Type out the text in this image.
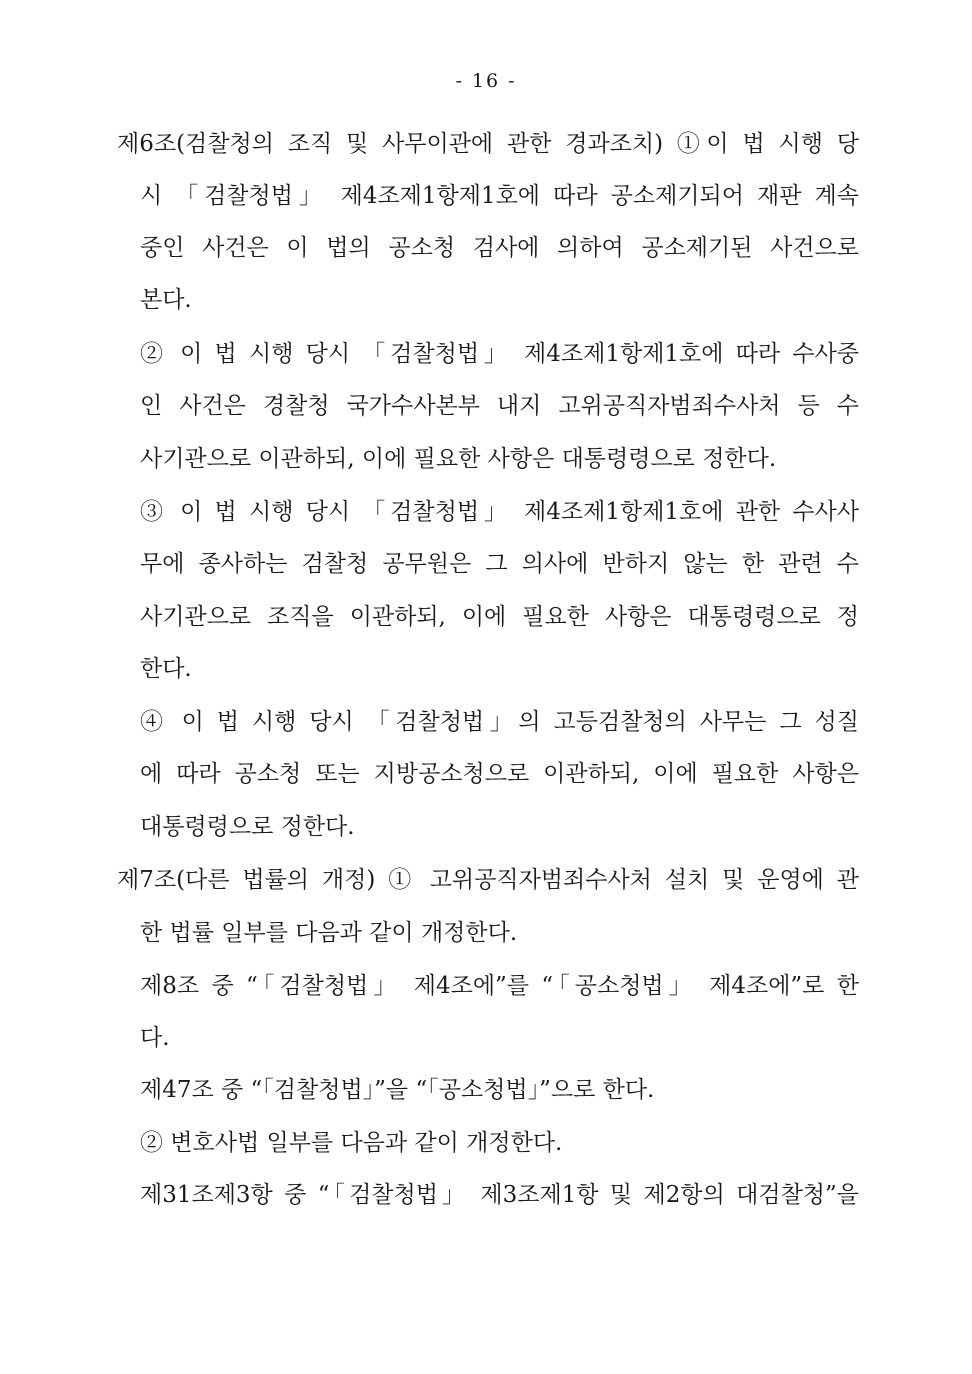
- 16 -
제6조(검찰청의 조직 및 사무이관에 관한 경과조치) ①이 법 시행 당
시 「검찰청법」 제4조제1항제1호에 따라 공소제기되어 재판 계속
중인 사건은 이 법의 공소청 검사에 의하여 공소제기된 사건으로
본다.
② 이 법 시행 당시 「검찰청법」 제4조제1항제1호에 따라 수사중
인 사건은 경찰청 국가수사본부 내지 고위공직자범죄수사처 등 수
사기관으로 이관하되, 이에 필요한 사항은 대통령령으로 정한다.
③ 이 법 시행 당시 「검찰청법」 제4조제1항제1호에 관한 수사사
무에 종사하는 검찰청 공무원은 그 의사에 반하지 않는 한 관련 수
사기관으로 조직을 이관하되, 이에 필요한 사항은 대통령령으로 정
한다.
④ 이 법 시행 당시 「검찰청법」의 고등검찰청의 사무는 그 성질
에 따라 공소청 또는 지방공소청으로 이관하되, 이에 필요한 사항은
대통령령으로 정한다.
제7조(다른 법률의 개정) ① 고위공직자범죄수사처 설치 및 운영에 관
한 법률 일부를 다음과 같이 개정한다.
제8조 중 “「검찰청법」 제4조에”를 “「공소청법」 제4조에”로 한
다.
제47조 중 “「검찰청법」”을 “「공소청법」”으로 한다.
② 변호사법 일부를 다음과 같이 개정한다.
제31조제3항 중 “「검찰청법」 제3조제1항 및 제2항의 대검찰청”을
